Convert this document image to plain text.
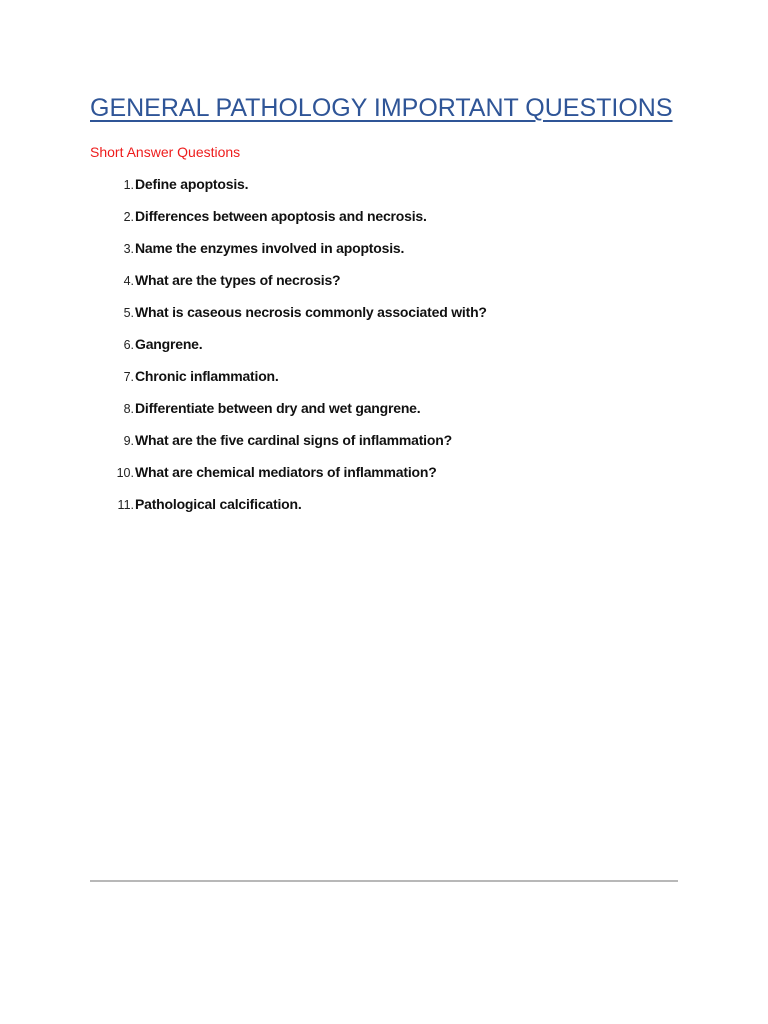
GENERAL PATHOLOGY IMPORTANT QUESTIONS
Short Answer Questions
1. Define apoptosis.
2. Differences between apoptosis and necrosis.
3. Name the enzymes involved in apoptosis.
4. What are the types of necrosis?
5. What is caseous necrosis commonly associated with?
6. Gangrene.
7. Chronic inflammation.
8. Differentiate between dry and wet gangrene.
9. What are the five cardinal signs of inflammation?
10. What are chemical mediators of inflammation?
11. Pathological calcification.
